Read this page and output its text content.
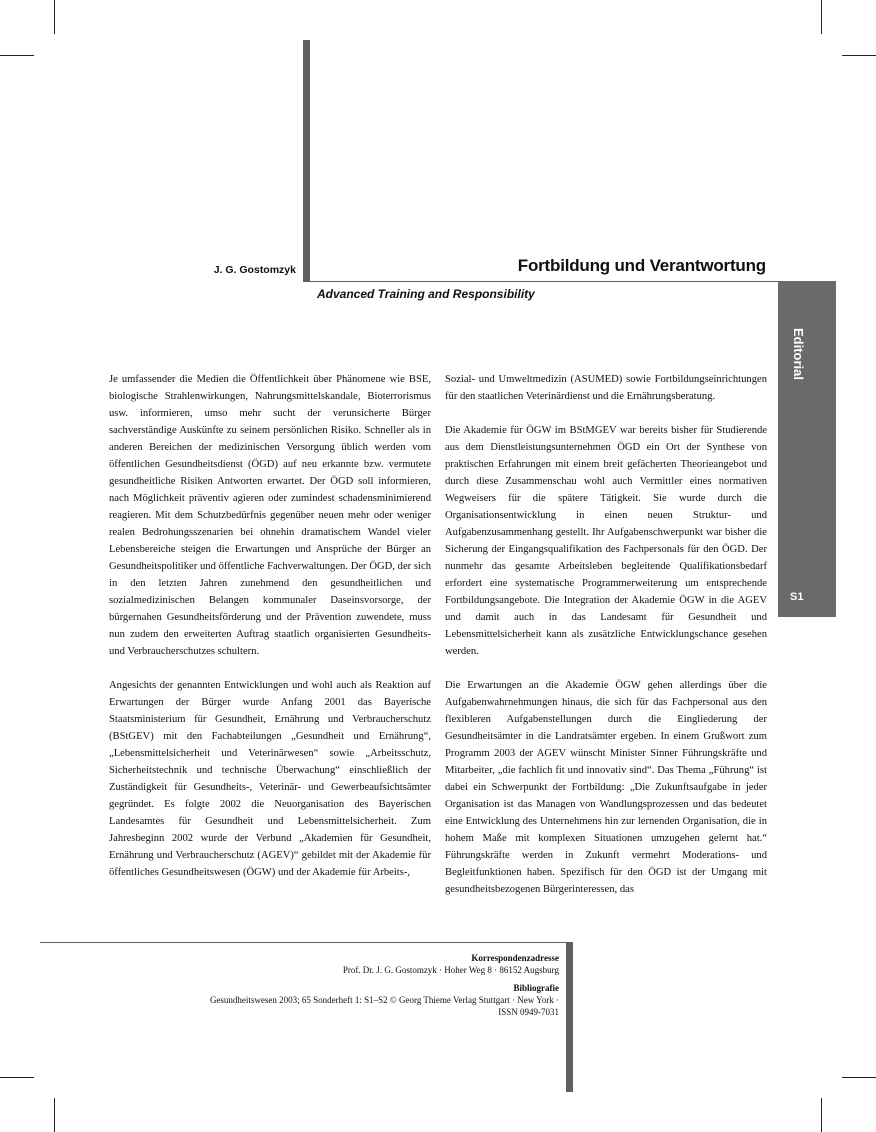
J. G. Gostomzyk	Fortbildung und Verantwortung
Advanced Training and Responsibility
Editorial
S1

Je umfassender die Medien die Öffentlichkeit über Phänomene wie BSE, biologische Strahlenwirkungen, Nahrungsmittelskandale, Bioterrorismus usw. informieren, umso mehr sucht der verunsicherte Bürger sachverständige Auskünfte zu seinem persönlichen Risiko. Schneller als in anderen Bereichen der medizinischen Versorgung üblich werden vom öffentlichen Gesundheitsdienst (ÖGD) auf neu erkannte bzw. vermutete gesundheitliche Risiken Antworten erwartet. Der ÖGD soll informieren, nach Möglichkeit präventiv agieren oder zumindest schadensminimierend reagieren. Mit dem Schutzbedürfnis gegenüber neuen mehr oder weniger realen Bedrohungsszenarien bei ohnehin dramatischem Wandel vieler Lebensbereiche steigen die Erwartungen und Ansprüche der Bürger an Gesundheitspolitiker und öffentliche Fachverwaltungen. Der ÖGD, der sich in den letzten Jahren zunehmend den gesundheitlichen und sozialmedizinischen Belangen kommunaler Daseinsvorsorge, der bürgernahen Gesundheitsförderung und der Prävention zuwendete, muss nun zudem den erweiterten Auftrag staatlich organisierten Gesundheits- und Verbraucherschutzes schultern.

Angesichts der genannten Entwicklungen und wohl auch als Reaktion auf Erwartungen der Bürger wurde Anfang 2001 das Bayerische Staatsministerium für Gesundheit, Ernährung und Verbraucherschutz (BStGEV) mit den Fachabteilungen „Gesundheit und Ernährung“, „Lebensmittelsicherheit und Veterinärwesen“ sowie „Arbeitsschutz, Sicherheitstechnik und technische Überwachung“ einschließlich der Zuständigkeit für Gesundheits-, Veterinär- und Gewerbeaufsichtsämter gegründet. Es folgte 2002 die Neuorganisation des Bayerischen Landesamtes für Gesundheit und Lebensmittelsicherheit. Zum Jahresbeginn 2002 wurde der Verbund „Akademien für Gesundheit, Ernährung und Verbraucherschutz (AGEV)“ gebildet mit der Akademie für öffentliches Gesundheitswesen (ÖGW) und der Akademie für Arbeits-,

Sozial- und Umweltmedizin (ASUMED) sowie Fortbildungseinrichtungen für den staatlichen Veterinärdienst und die Ernährungsberatung.

Die Akademie für ÖGW im BStMGEV war bereits bisher für Studierende aus dem Dienstleistungsunternehmen ÖGD ein Ort der Synthese von praktischen Erfahrungen mit einem breit gefächerten Theorieangebot und durch diese Zusammenschau wohl auch Vermittler eines normativen Wegweisers für die spätere Tätigkeit. Sie wurde durch die Organisationsentwicklung in einen neuen Struktur- und Aufgabenzusammenhang gestellt. Ihr Aufgabenschwerpunkt war bisher die Sicherung der Eingangsqualifikation des Fachpersonals für den ÖGD. Der nunmehr das gesamte Arbeitsleben begleitende Qualifikationsbedarf erfordert eine systematische Programmerweiterung um entsprechende Fortbildungsangebote. Die Integration der Akademie ÖGW in die AGEV und damit auch in das Landesamt für Gesundheit und Lebensmittelsicherheit kann als zusätzliche Entwicklungschance gesehen werden.

Die Erwartungen an die Akademie ÖGW gehen allerdings über die Aufgabenwahrnehmungen hinaus, die sich für das Fachpersonal aus den flexibleren Aufgabenstellungen durch die Eingliederung der Gesundheitsämter in die Landratsämter ergeben. In einem Grußwort zum Programm 2003 der AGEV wünscht Minister Sinner Führungskräfte und Mitarbeiter, „die fachlich fit und innovativ sind“. Das Thema „Führung“ ist dabei ein Schwerpunkt der Fortbildung: „Die Zukunftsaufgabe in jeder Organisation ist das Managen von Wandlungsprozessen und das bedeutet eine Entwicklung des Unternehmens hin zur lernenden Organisation, die in hohem Maße mit komplexen Situationen umzugehen gelernt hat.“ Führungskräfte werden in Zukunft vermehrt Moderations- und Begleitfunktionen haben. Spezifisch für den ÖGD ist der Umgang mit gesundheitsbezogenen Bürgerinteressen, das

Korrespondenzadresse
Prof. Dr. J. G. Gostomzyk · Hoher Weg 8 · 86152 Augsburg
Bibliografie
Gesundheitswesen 2003; 65 Sonderheft 1: S1–S2 © Georg Thieme Verlag Stuttgart · New York ·
ISSN 0949-7031
